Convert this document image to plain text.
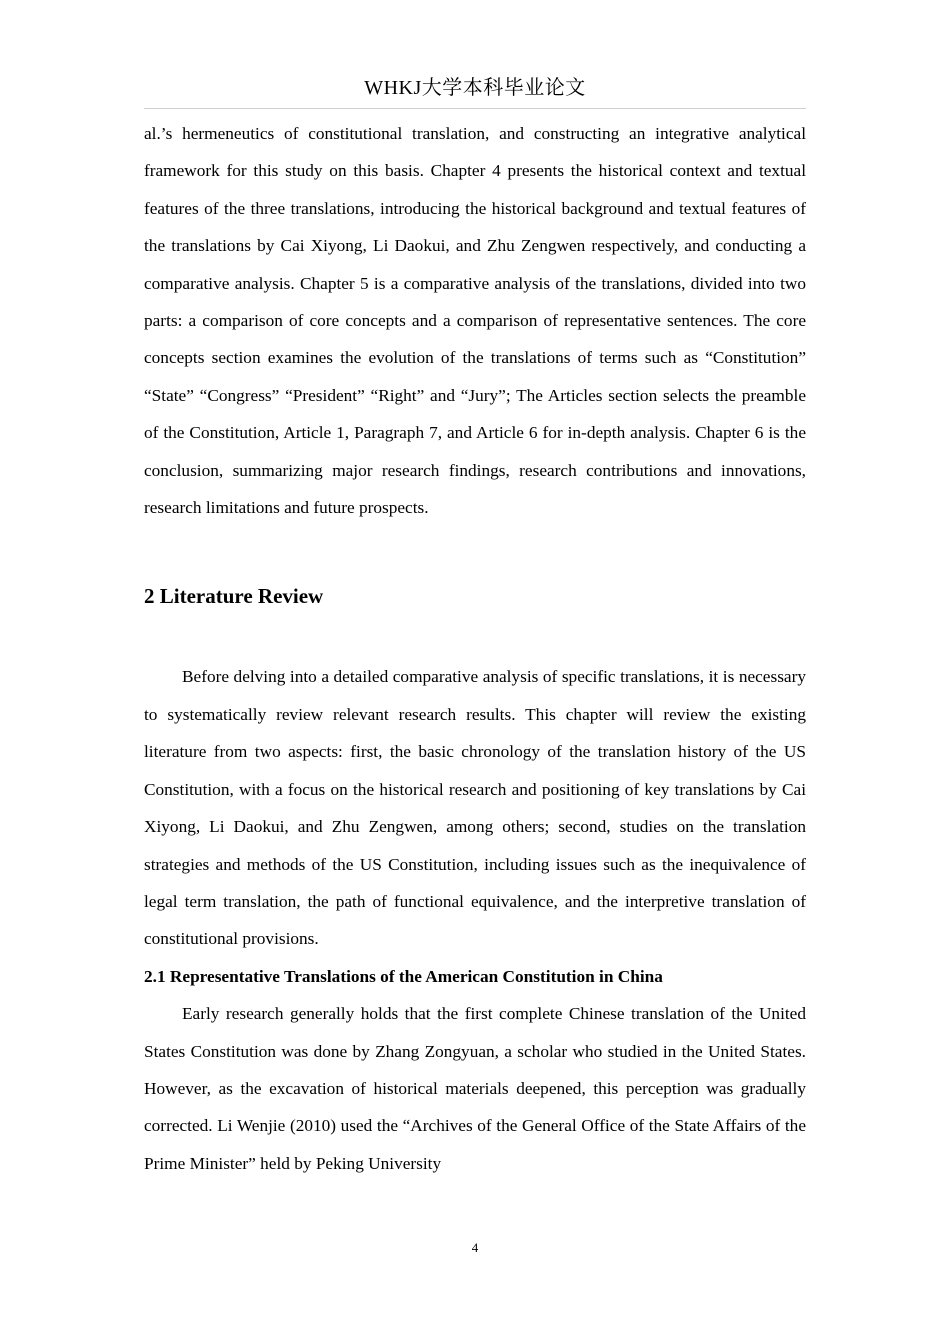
WHKJ大学本科毕业论文

al.’s hermeneutics of constitutional translation, and constructing an integrative analytical framework for this study on this basis. Chapter 4 presents the historical context and textual features of the three translations, introducing the historical background and textual features of the translations by Cai Xiyong, Li Daokui, and Zhu Zengwen respectively, and conducting a comparative analysis. Chapter 5 is a comparative analysis of the translations, divided into two parts: a comparison of core concepts and a comparison of representative sentences. The core concepts section examines the evolution of the translations of terms such as “Constitution” “State” “Congress” “President” “Right” and “Jury”; The Articles section selects the preamble of the Constitution, Article 1, Paragraph 7, and Article 6 for in-depth analysis. Chapter 6 is the conclusion, summarizing major research findings, research contributions and innovations, research limitations and future prospects.

2 Literature Review

Before delving into a detailed comparative analysis of specific translations, it is necessary to systematically review relevant research results. This chapter will review the existing literature from two aspects: first, the basic chronology of the translation history of the US Constitution, with a focus on the historical research and positioning of key translations by Cai Xiyong, Li Daokui, and Zhu Zengwen, among others; second, studies on the translation strategies and methods of the US Constitution, including issues such as the inequivalence of legal term translation, the path of functional equivalence, and the interpretive translation of constitutional provisions.

2.1 Representative Translations of the American Constitution in China

Early research generally holds that the first complete Chinese translation of the United States Constitution was done by Zhang Zongyuan, a scholar who studied in the United States. However, as the excavation of historical materials deepened, this perception was gradually corrected. Li Wenjie (2010) used the “Archives of the General Office of the State Affairs of the Prime Minister” held by Peking University

4
